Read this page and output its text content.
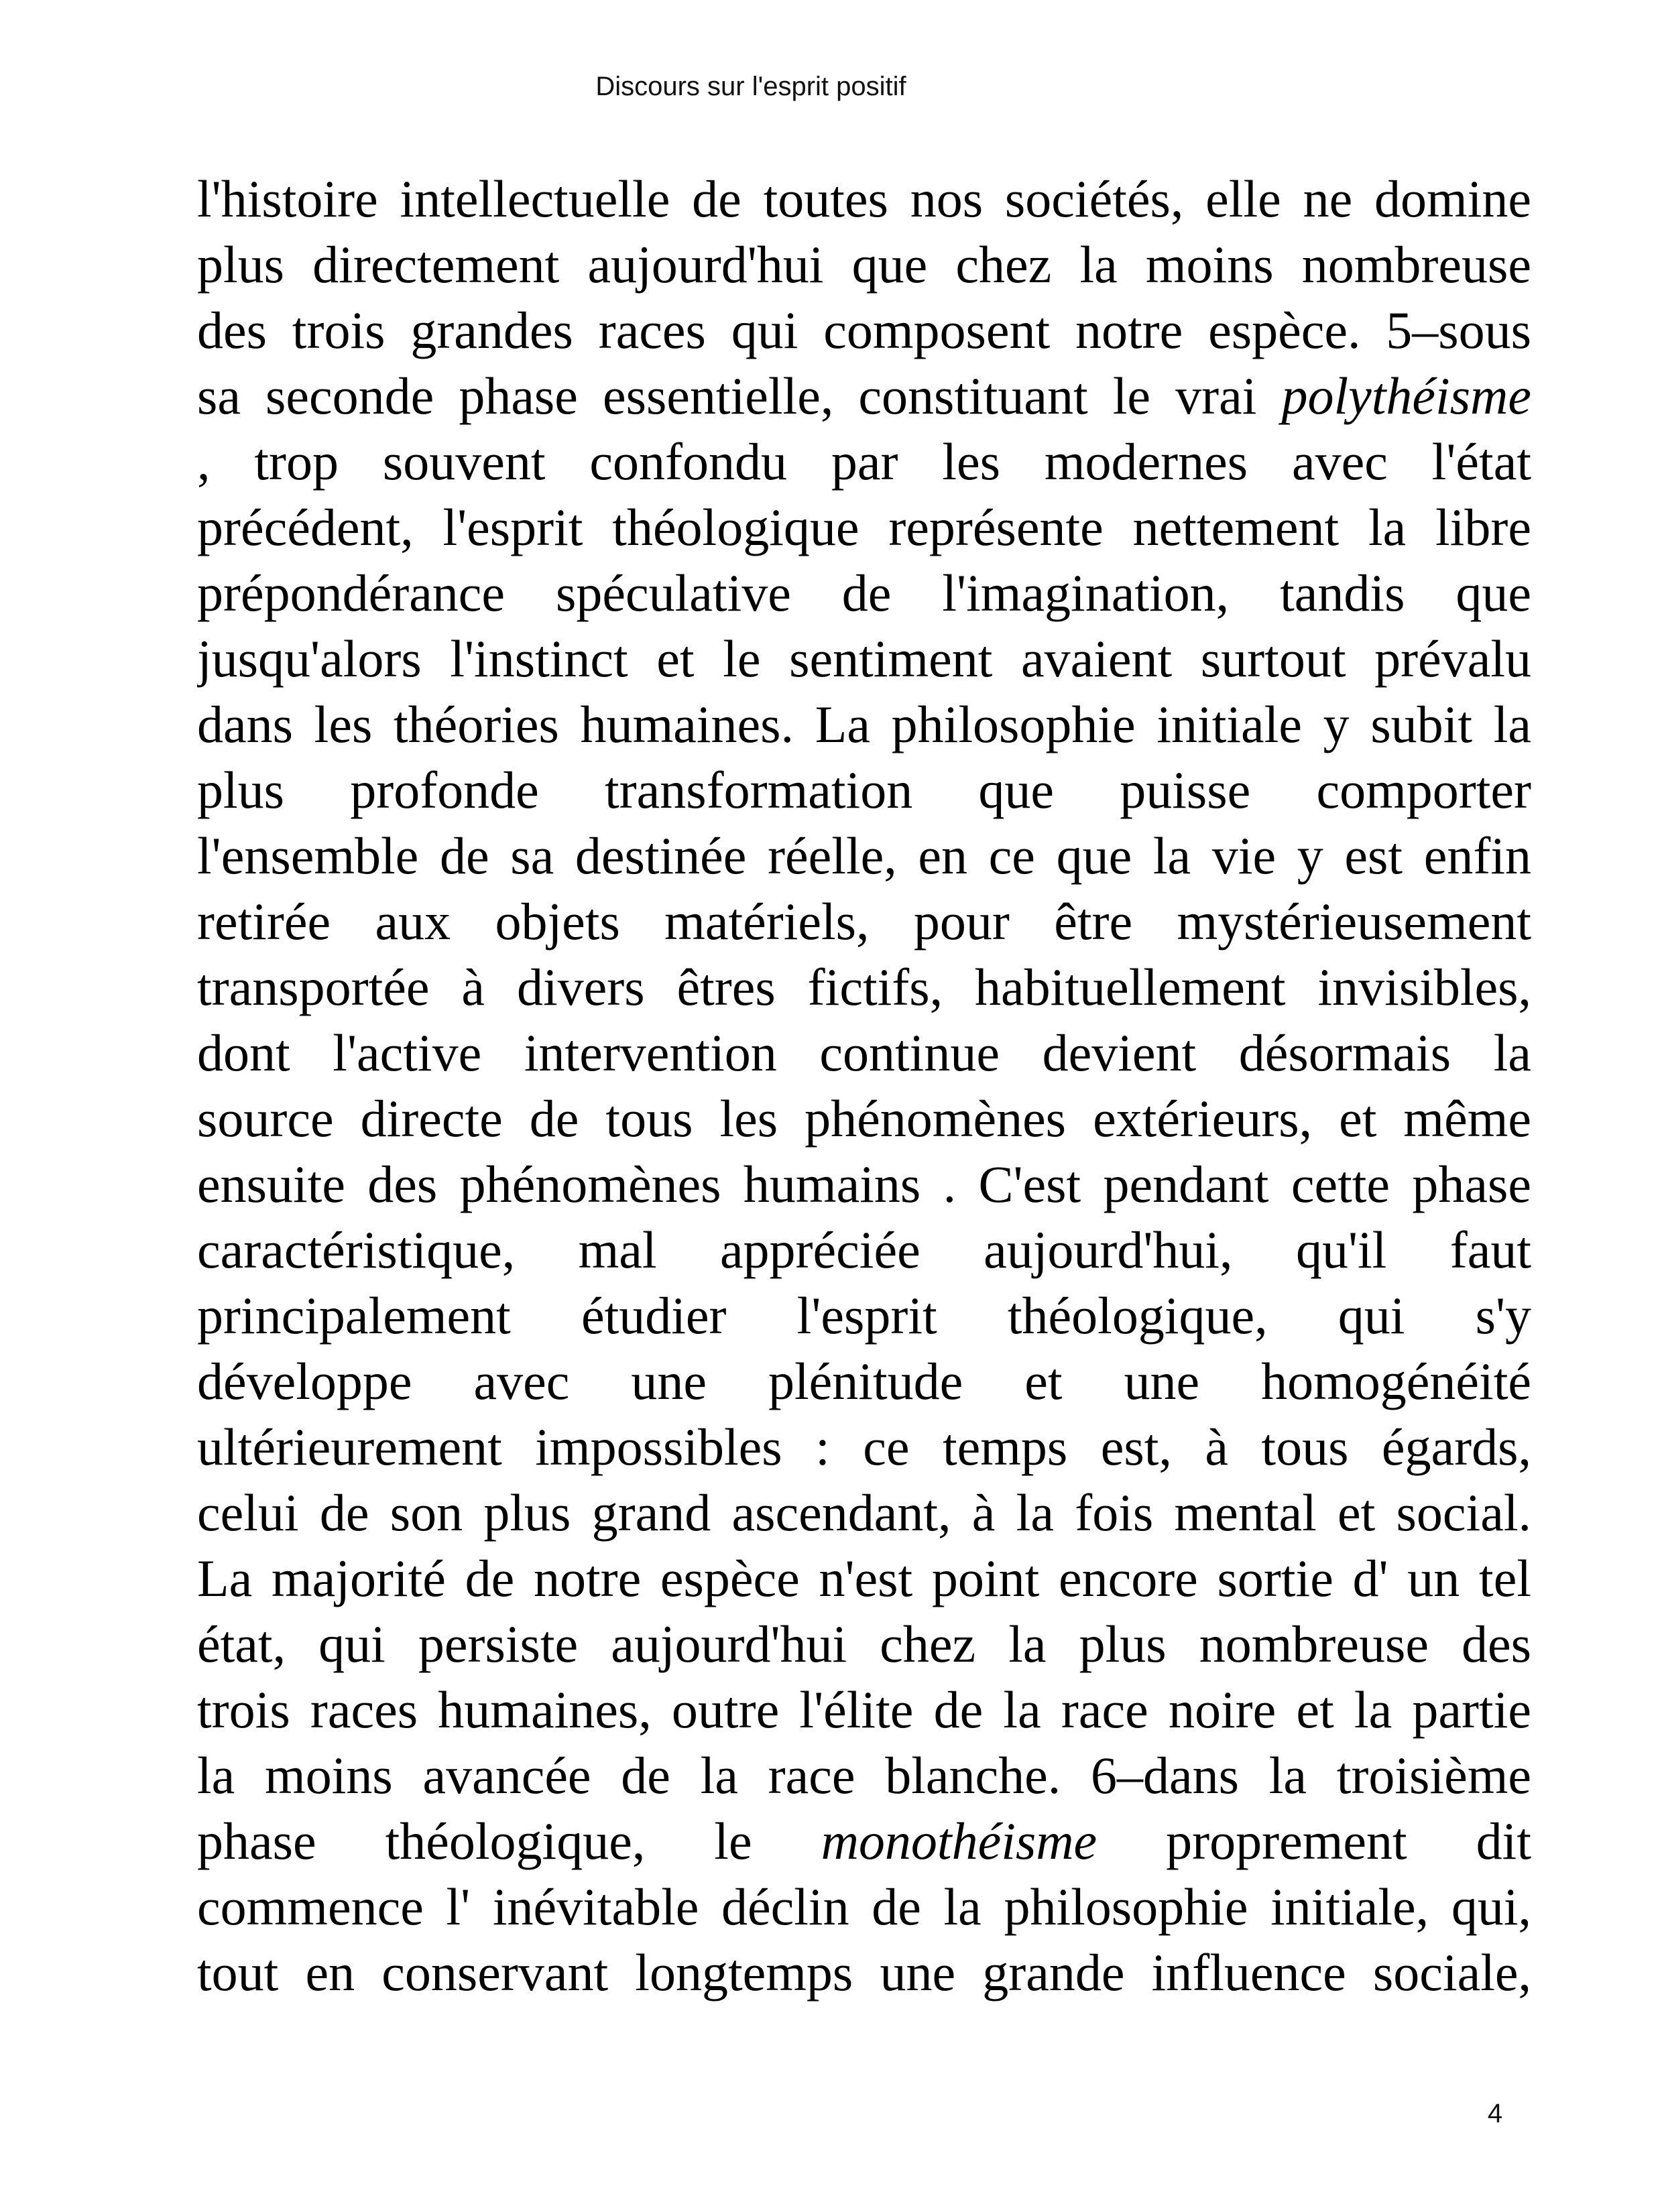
Discours sur l'esprit positif
l'histoire intellectuelle de toutes nos sociétés, elle ne domine
plus directement aujourd'hui que chez la moins nombreuse
des trois grandes races qui composent notre espèce. 5–sous
sa seconde phase essentielle, constituant le vrai polythéisme
, trop souvent confondu par les modernes avec l'état
précédent, l'esprit théologique représente nettement la libre
prépondérance spéculative de l'imagination, tandis que
jusqu'alors l'instinct et le sentiment avaient surtout prévalu
dans les théories humaines. La philosophie initiale y subit la
plus profonde transformation que puisse comporter
l'ensemble de sa destinée réelle, en ce que la vie y est enfin
retirée aux objets matériels, pour être mystérieusement
transportée à divers êtres fictifs, habituellement invisibles,
dont l'active intervention continue devient désormais la
source directe de tous les phénomènes extérieurs, et même
ensuite des phénomènes humains . C'est pendant cette phase
caractéristique, mal appréciée aujourd'hui, qu'il faut
principalement étudier l'esprit théologique, qui s'y
développe avec une plénitude et une homogénéité
ultérieurement impossibles : ce temps est, à tous égards,
celui de son plus grand ascendant, à la fois mental et social.
La majorité de notre espèce n'est point encore sortie d' un tel
état, qui persiste aujourd'hui chez la plus nombreuse des
trois races humaines, outre l'élite de la race noire et la partie
la moins avancée de la race blanche. 6–dans la troisième
phase théologique, le monothéisme proprement dit
commence l' inévitable déclin de la philosophie initiale, qui,
tout en conservant longtemps une grande influence sociale,
4
